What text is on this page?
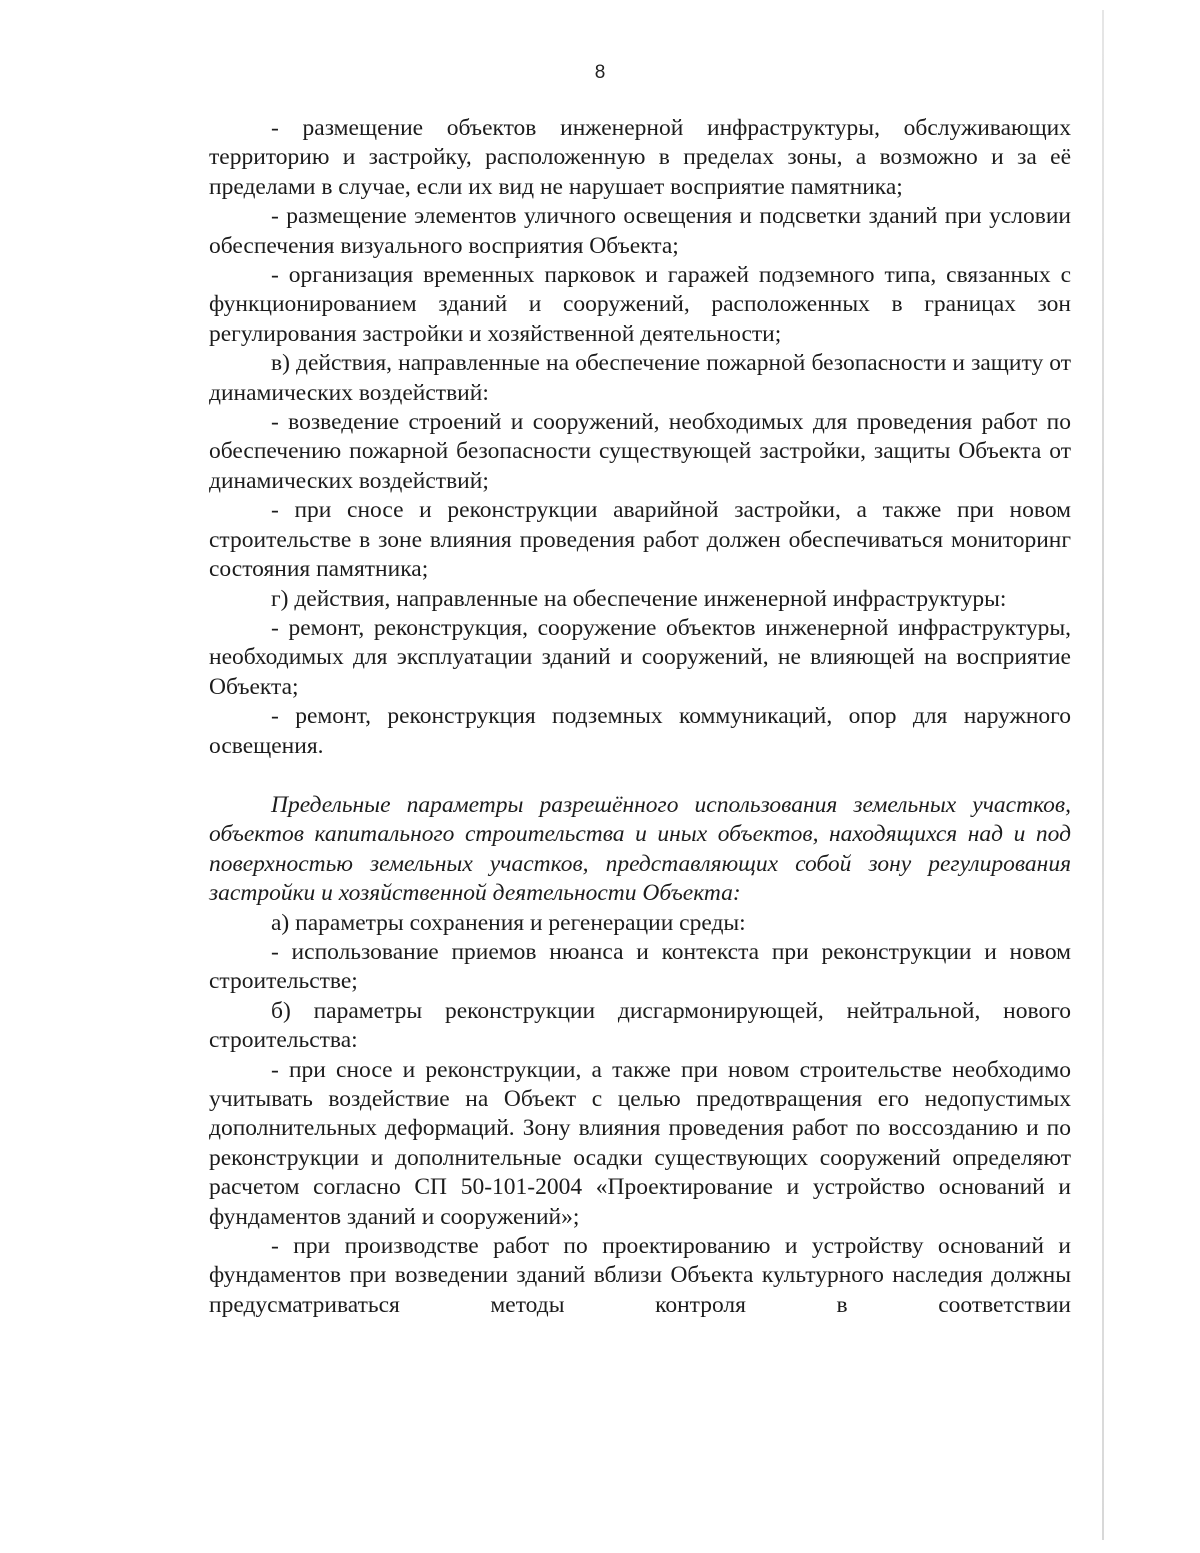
8

- размещение объектов инженерной инфраструктуры, обслуживающих территорию и застройку, расположенную в пределах зоны, а возможно и за её пределами в случае, если их вид не нарушает восприятие памятника;

- размещение элементов уличного освещения и подсветки зданий при условии обеспечения визуального восприятия Объекта;

- организация временных парковок и гаражей подземного типа, связанных с функционированием зданий и сооружений, расположенных в границах зон регулирования застройки и хозяйственной деятельности;

в) действия, направленные на обеспечение пожарной безопасности и защиту от динамических воздействий:

- возведение строений и сооружений, необходимых для проведения работ по обеспечению пожарной безопасности существующей застройки, защиты Объекта от динамических воздействий;

- при сносе и реконструкции аварийной застройки, а также при новом строительстве в зоне влияния проведения работ должен обеспечиваться мониторинг состояния памятника;

г) действия, направленные на обеспечение инженерной инфраструктуры:

- ремонт, реконструкция, сооружение объектов инженерной инфраструктуры, необходимых для эксплуатации зданий и сооружений, не влияющей на восприятие Объекта;

- ремонт, реконструкция подземных коммуникаций, опор для наружного освещения.

Предельные параметры разрешённого использования земельных участков, объектов капитального строительства и иных объектов, находящихся над и под поверхностью земельных участков, представляющих собой зону регулирования застройки и хозяйственной деятельности Объекта:

а) параметры сохранения и регенерации среды:

- использование приемов нюанса и контекста при реконструкции и новом строительстве;

б) параметры реконструкции дисгармонирующей, нейтральной, нового строительства:

- при сносе и реконструкции, а также при новом строительстве необходимо учитывать воздействие на Объект с целью предотвращения его недопустимых дополнительных деформаций. Зону влияния проведения работ по воссозданию и по реконструкции и дополнительные осадки существующих сооружений определяют расчетом согласно СП 50-101-2004 «Проектирование и устройство оснований и фундаментов зданий и сооружений»;

- при производстве работ по проектированию и устройству оснований и фундаментов при возведении зданий вблизи Объекта культурного наследия должны предусматриваться методы контроля в соответствии
